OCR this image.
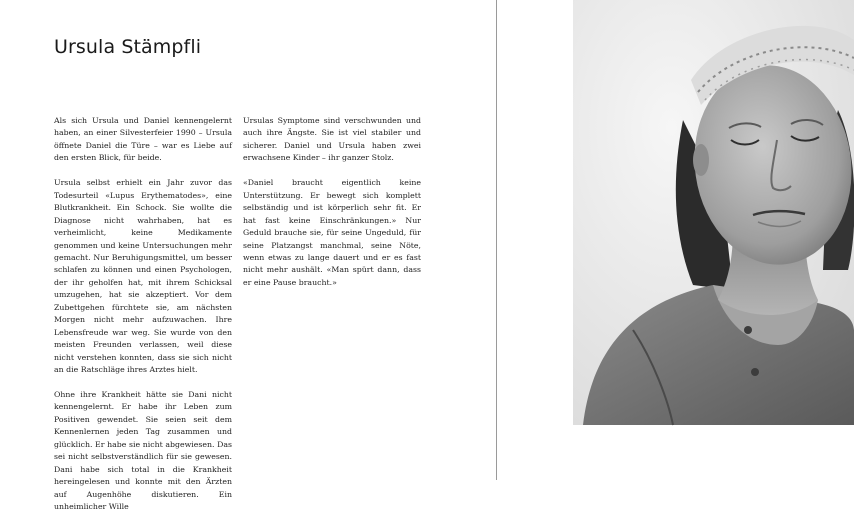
Ursula Stämpfli

Als sich Ursula und Daniel kennengelernt haben, an einer Silvesterfeier 1990 – Ursula öffnete Daniel die Türe – war es Liebe auf den ersten Blick, für beide.

Ursula selbst erhielt ein Jahr zuvor das Todesurteil «Lupus Erythematodes», eine Blutkrankheit. Ein Schock. Sie wollte die Diagnose nicht wahrhaben, hat es verheimlicht, keine Medikamente genommen und keine Untersuchungen mehr gemacht. Nur Beruhigungsmittel, um besser schlafen zu können und einen Psychologen, der ihr geholfen hat, mit ihrem Schicksal umzugehen, hat sie akzeptiert. Vor dem Zubettgehen fürchtete sie, am nächsten Morgen nicht mehr aufzuwachen. Ihre Lebensfreude war weg. Sie wurde von den meisten Freunden verlassen, weil diese nicht verstehen konnten, dass sie sich nicht an die Ratschläge ihres Arztes hielt.

Ohne ihre Krankheit hätte sie Dani nicht kennengelernt. Er habe ihr Leben zum Positiven gewendet. Sie seien seit dem Kennenlernen jeden Tag zusammen und glücklich. Er habe sie nicht abgewiesen. Das sei nicht selbstverständlich für sie gewesen. Dani habe sich total in die Krankheit hereingelesen und konnte mit den Ärzten auf Augenhöhe diskutieren. Ein unheimlicher Wille

Ursulas Symptome sind verschwunden und auch ihre Ängste. Sie ist viel stabiler und sicherer. Daniel und Ursula haben zwei erwachsene Kinder – ihr ganzer Stolz.

«Daniel braucht eigentlich keine Unterstützung. Er bewegt sich komplett selbständig und ist körperlich sehr fit. Er hat fast keine Einschränkungen.» Nur Geduld brauche sie, für seine Ungeduld, für seine Platzangst manchmal, seine Nöte, wenn etwas zu lange dauert und er es fast nicht mehr aushält. «Man spürt dann, dass er eine Pause braucht.»
